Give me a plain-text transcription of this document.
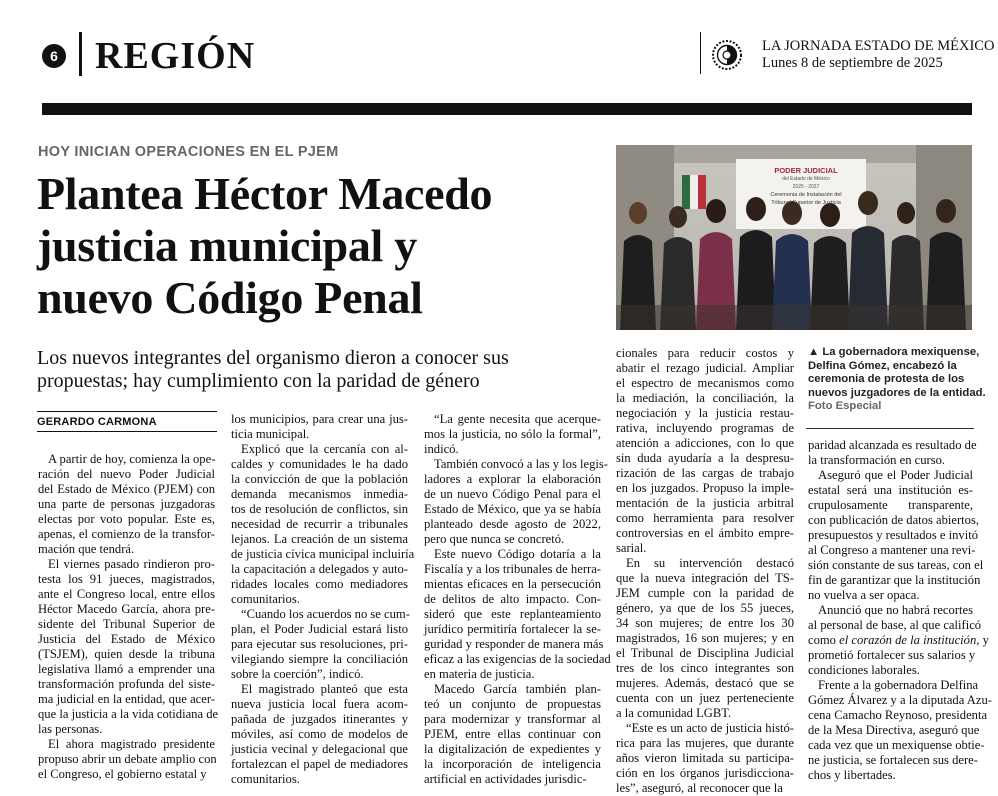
6 REGIÓN	LA JORNADA ESTADO DE MÉXICO
Lunes 8 de septiembre de 2025
HOY INICIAN OPERACIONES EN EL PJEM
Plantea Héctor Macedo
justicia municipal y
nuevo Código Penal
PODER JUDICIAL
del Estado de México
2025 - 2027
Ceremonia de Instalación del
Tribunal Superior de Justicia
Los nuevos integrantes del organismo dieron a conocer sus
propuestas; hay cumplimiento con la paridad de género
GERARDO CARMONA
▲ La gobernadora mexiquense,
Delfina Gómez, encabezó la
ceremonia de protesta de los
nuevos juzgadores de la entidad.
Foto Especial
A partir de hoy, comienza la ope-
ración del nuevo Poder Judicial
del Estado de México (PJEM) con
una parte de personas juzgadoras
electas por voto popular. Este es,
apenas, el comienzo de la transfor-
mación que tendrá.
El viernes pasado rindieron pro-
testa los 91 jueces, magistrados,
ante el Congreso local, entre ellos
Héctor Macedo García, ahora pre-
sidente del Tribunal Superior de
Justicia del Estado de México
(TSJEM), quien desde la tribuna
legislativa llamó a emprender una
transformación profunda del siste-
ma judicial en la entidad, que acer-
que la justicia a la vida cotidiana de
las personas.
El ahora magistrado presidente
propuso abrir un debate amplio con
el Congreso, el gobierno estatal y
los municipios, para crear una jus-
ticia municipal.
Explicó que la cercanía con al-
caldes y comunidades le ha dado
la convicción de que la población
demanda mecanismos inmedia-
tos de resolución de conflictos, sin
necesidad de recurrir a tribunales
lejanos. La creación de un sistema
de justicia cívica municipal incluiría
la capacitación a delegados y auto-
ridades locales como mediadores
comunitarios.
“Cuando los acuerdos no se cum-
plan, el Poder Judicial estará listo
para ejecutar sus resoluciones, pri-
vilegiando siempre la conciliación
sobre la coerción”, indicó.
El magistrado planteó que esta
nueva justicia local fuera acom-
pañada de juzgados itinerantes y
móviles, así como de modelos de
justicia vecinal y delegacional que
fortalezcan el papel de mediadores
comunitarios.
“La gente necesita que acerque-
mos la justicia, no sólo la formal”,
indicó.
También convocó a las y los legis-
ladores a explorar la elaboración
de un nuevo Código Penal para el
Estado de México, que ya se había
planteado desde agosto de 2022,
pero que nunca se concretó.
Este nuevo Código dotaría a la
Fiscalía y a los tribunales de herra-
mientas eficaces en la persecución
de delitos de alto impacto. Con-
sideró que este replanteamiento
jurídico permitiría fortalecer la se-
guridad y responder de manera más
eficaz a las exigencias de la sociedad
en materia de justicia.
Macedo García también plan-
teó un conjunto de propuestas
para modernizar y transformar al
PJEM, entre ellas continuar con
la digitalización de expedientes y
la incorporación de inteligencia
artificial en actividades jurisdic-
cionales para reducir costos y
abatir el rezago judicial. Ampliar
el espectro de mecanismos como
la mediación, la conciliación, la
negociación y la justicia restau-
rativa, incluyendo programas de
atención a adicciones, con lo que
sin duda ayudaría a la despresu-
rización de las cargas de trabajo
en los juzgados. Propuso la imple-
mentación de la justicia arbitral
como herramienta para resolver
controversias en el ámbito empre-
sarial.
En su intervención destacó
que la nueva integración del TS-
JEM cumple con la paridad de
género, ya que de los 55 jueces,
34 son mujeres; de entre los 30
magistrados, 16 son mujeres; y en
el Tribunal de Disciplina Judicial
tres de los cinco integrantes son
mujeres. Además, destacó que se
cuenta con un juez perteneciente
a la comunidad LGBT.
“Este es un acto de justicia histó-
rica para las mujeres, que durante
años vieron limitada su participa-
ción en los órganos jurisdicciona-
les”, aseguró, al reconocer que la
paridad alcanzada es resultado de
la transformación en curso.
Aseguró que el Poder Judicial
estatal será una institución es-
crupulosamente transparente,
con publicación de datos abiertos,
presupuestos y resultados e invitó
al Congreso a mantener una revi-
sión constante de sus tareas, con el
fin de garantizar que la institución
no vuelva a ser opaca.
Anunció que no habrá recortes
al personal de base, al que calificó
como el corazón de la institución, y
prometió fortalecer sus salarios y
condiciones laborales.
Frente a la gobernadora Delfina
Gómez Álvarez y a la diputada Azu-
cena Camacho Reynoso, presidenta
de la Mesa Directiva, aseguró que
cada vez que un mexiquense obtie-
ne justicia, se fortalecen sus dere-
chos y libertades.
